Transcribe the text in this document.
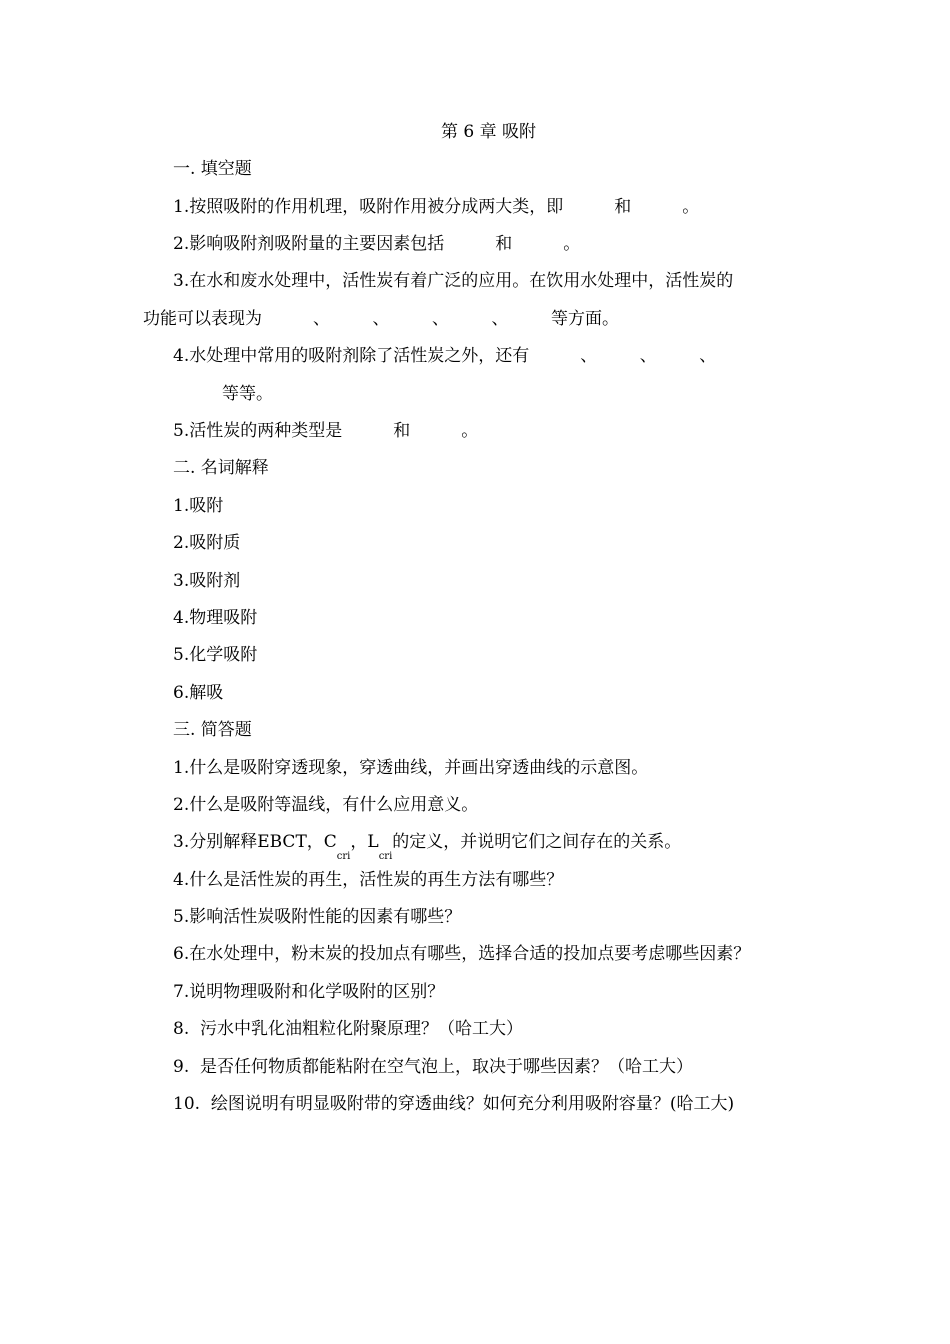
第 6 章 吸附
一. 填空题
1.按照吸附的作用机理，吸附作用被分成两大类，即　　　和　　　。
2.影响吸附剂吸附量的主要因素包括　　　和　　　。
3.在水和废水处理中，活性炭有着广泛的应用。在饮用水处理中，活性炭的
功能可以表现为　　　、　　　、　　　、　　　、　　　等方面。
4.水处理中常用的吸附剂除了活性炭之外，还有　　　、　　　、　　　、
等等。
5.活性炭的两种类型是　　　和　　　。
二. 名词解释
1.吸附
2.吸附质
3.吸附剂
4.物理吸附
5.化学吸附
6.解吸
三. 简答题
1.什么是吸附穿透现象，穿透曲线，并画出穿透曲线的示意图。
2.什么是吸附等温线，有什么应用意义。
3.分别解释EBCT，$C_{cri}$，$L_{cri}$的定义，并说明它们之间存在的关系。
4.什么是活性炭的再生，活性炭的再生方法有哪些？
5.影响活性炭吸附性能的因素有哪些？
6.在水处理中，粉末炭的投加点有哪些，选择合适的投加点要考虑哪些因素？
7.说明物理吸附和化学吸附的区别？
8.  污水中乳化油粗粒化附聚原理？（哈工大）
9.  是否任何物质都能粘附在空气泡上，取决于哪些因素？（哈工大）
10.  绘图说明有明显吸附带的穿透曲线？如何充分利用吸附容量？(哈工大)
